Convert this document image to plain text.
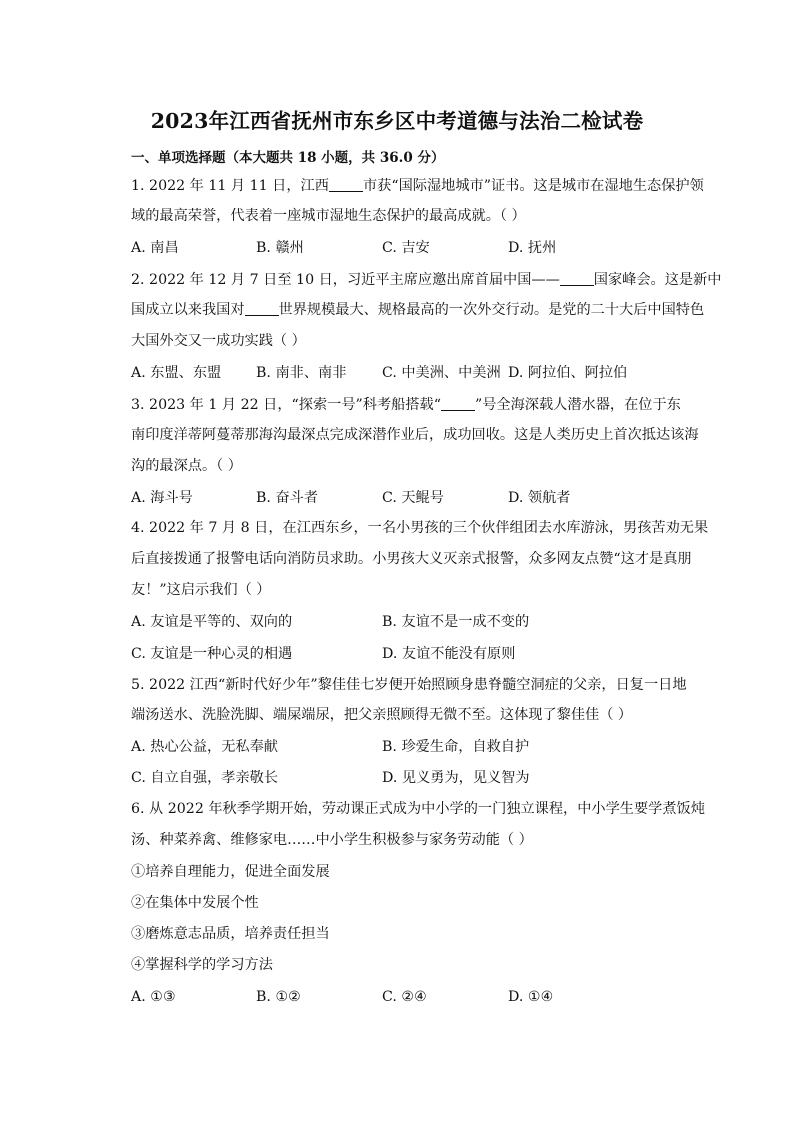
2023年江西省抚州市东乡区中考道德与法治二检试卷
一、单项选择题（本大题共 18 小题，共 36.0 分）
1. 2022 年 11 月 11 日，江西 市获“国际湿地城市”证书。这是城市在湿地生态保护领
域的最高荣誉，代表着一座城市湿地生态保护的最高成就。（ ）
A. 南昌	B. 赣州	C. 吉安	D. 抚州
2. 2022 年 12 月 7 日至 10 日，习近平主席应邀出席首届中国—— 国家峰会。这是新中
国成立以来我国对 世界规模最大、规格最高的一次外交行动。是党的二十大后中国特色
大国外交又一成功实践（ ）
A. 东盟、东盟 B. 南非、南非	C. 中美洲、中美洲 D. 阿拉伯、阿拉伯
3. 2023 年 1 月 22 日，“探索一号”科考船搭载“ ”号全海深载人潜水器，在位于东
南印度洋蒂阿蔓蒂那海沟最深点完成深潜作业后，成功回收。这是人类历史上首次抵达该海
沟的最深点。（ ）
A. 海斗号	B. 奋斗者	C. 天鲲号	D. 领航者
4. 2022 年 7 月 8 日，在江西东乡，一名小男孩的三个伙伴组团去水库游泳，男孩苦劝无果
后直接拨通了报警电话向消防员求助。小男孩大义灭亲式报警，众多网友点赞“这才是真朋
友！”这启示我们（ ）
A. 友谊是平等的、双向的	B. 友谊不是一成不变的
C. 友谊是一种心灵的相遇	D. 友谊不能没有原则
5. 2022 江西“新时代好少年”黎佳佳七岁便开始照顾身患脊髓空洞症的父亲，日复一日地
端汤送水、洗脸洗脚、端屎端尿，把父亲照顾得无微不至。这体现了黎佳佳（ ）
A. 热心公益，无私奉献	B. 珍爱生命，自救自护
C. 自立自强，孝亲敬长	D. 见义勇为，见义智为
6. 从 2022 年秋季学期开始，劳动课正式成为中小学的一门独立课程，中小学生要学煮饭炖
汤、种菜养禽、维修家电……中小学生积极参与家务劳动能（ ）
①培养自理能力，促进全面发展
②在集体中发展个性
③磨炼意志品质，培养责任担当
④掌握科学的学习方法
A. ①③	B. ①②	C. ②④	D. ①④
